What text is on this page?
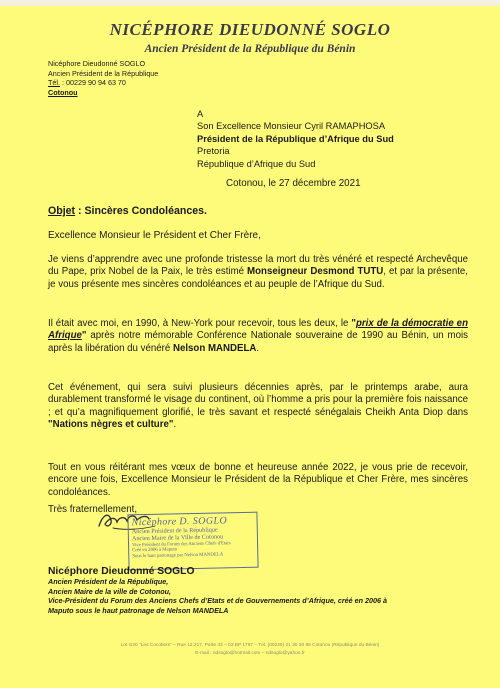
NICÉPHORE DIEUDONNÉ SOGLO
Ancien Président de la République du Bénin
Nicéphore Dieudonné SOGLO
Ancien Président de la République
Tél. : 00229 90 94 63 70
Cotonou
A
Son Excellence Monsieur Cyril RAMAPHOSA
Président de la République d’Afrique du Sud
Pretoria
République d’Afrique du Sud
Cotonou, le 27 décembre 2021
Objet : Sincères Condoléances.
Excellence Monsieur le Président et Cher Frère,
Je viens d’apprendre avec une profonde tristesse la mort du très vénéré et respecté Archevêque du Pape, prix Nobel de la Paix, le très estimé Monseigneur Desmond TUTU, et par la présente, je vous présente mes sincères condoléances et au peuple de l’Afrique du Sud.
Il était avec moi, en 1990, à New-York pour recevoir, tous les deux, le "prix de la démocratie en Afrique" après notre mémorable Conférence Nationale souveraine de 1990 au Bénin, un mois après la libération du vénéré Nelson MANDELA.
Cet événement, qui sera suivi plusieurs décennies après, par le printemps arabe, aura durablement transformé le visage du continent, où l’homme a pris pour la première fois naissance ; et qu’a magnifiquement glorifié, le très savant et respecté sénégalais Cheikh Anta Diop dans "Nations nègres et culture".
Tout en vous réitérant mes vœux de bonne et heureuse année 2022, je vous prie de recevoir, encore une fois, Excellence Monsieur le Président de la République et Cher Frère, mes sincères condoléances.
Très fraternellement,
Nicéphore D. SOGLO
Ancien Président de la République
Ancien Maire de la Ville de Cotonou
Vice Président du Forum des Anciens Chefs d'Etats
Créé en 2006 à Maputo
Sous le haut patronage par Nelson MANDELA
Nicéphore Dieudonné SOGLO
Ancien Président de la République,
Ancien Maire de la ville de Cotonou,
Vice-Président du Forum des Anciens Chefs d’Etats et de Gouvernements d’Afrique, créé en 2006 à
Maputo sous le haut patronage de Nelson MANDELA
Lot G20 "Les Cocotiers" – Rue 12.217, Porte 43 – 03 BP 1797 – Tél. (00229) 21 30 30 66 Cotonou (République du Bénin)
E-mail : ndsoglo@hotmail.com – ndsoglo@yahoo.fr
